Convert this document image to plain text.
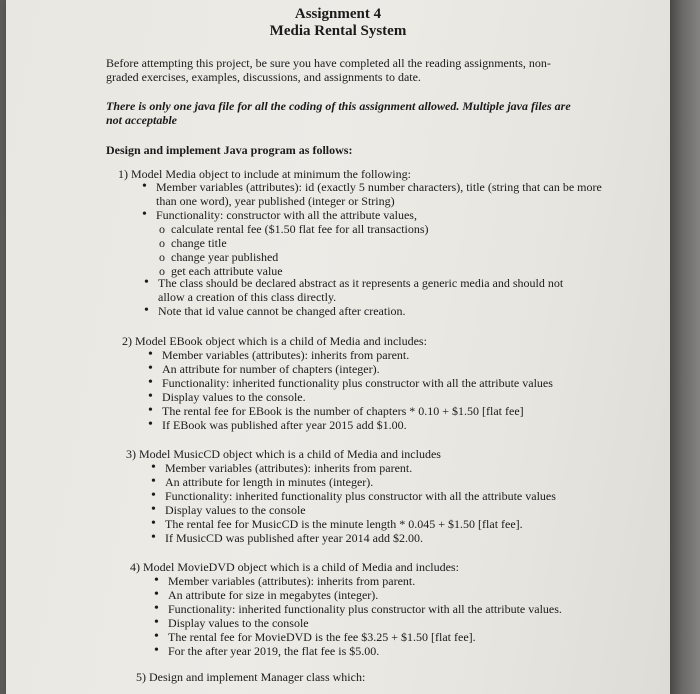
Assignment 4
Media Rental System
Before attempting this project, be sure you have completed all the reading assignments, non-graded exercises, examples, discussions, and assignments to date.
There is only one java file for all the coding of this assignment allowed. Multiple java files are not acceptable
Design and implement Java program as follows:
1) Model Media object to include at minimum the following:
• Member variables (attributes): id (exactly 5 number characters), title (string that can be more than one word), year published (integer or String)
• Functionality: constructor with all the attribute values,
o calculate rental fee ($1.50 flat fee for all transactions)
o change title
o change year published
o get each attribute value
• The class should be declared abstract as it represents a generic media and should not allow a creation of this class directly.
• Note that id value cannot be changed after creation.
2) Model EBook object which is a child of Media and includes:
• Member variables (attributes): inherits from parent.
• An attribute for number of chapters (integer).
• Functionality: inherited functionality plus constructor with all the attribute values
• Display values to the console.
• The rental fee for EBook is the number of chapters * 0.10 + $1.50 [flat fee]
• If EBook was published after year 2015 add $1.00.
3) Model MusicCD object which is a child of Media and includes
• Member variables (attributes): inherits from parent.
• An attribute for length in minutes (integer).
• Functionality: inherited functionality plus constructor with all the attribute values
• Display values to the console
• The rental fee for MusicCD is the minute length * 0.045 + $1.50 [flat fee].
• If MusicCD was published after year 2014 add $2.00.
4) Model MovieDVD object which is a child of Media and includes:
• Member variables (attributes): inherits from parent.
• An attribute for size in megabytes (integer).
• Functionality: inherited functionality plus constructor with all the attribute values.
• Display values to the console
• The rental fee for MovieDVD is the fee $3.25 + $1.50 [flat fee].
• For the after year 2019, the flat fee is $5.00.
5) Design and implement Manager class which:
